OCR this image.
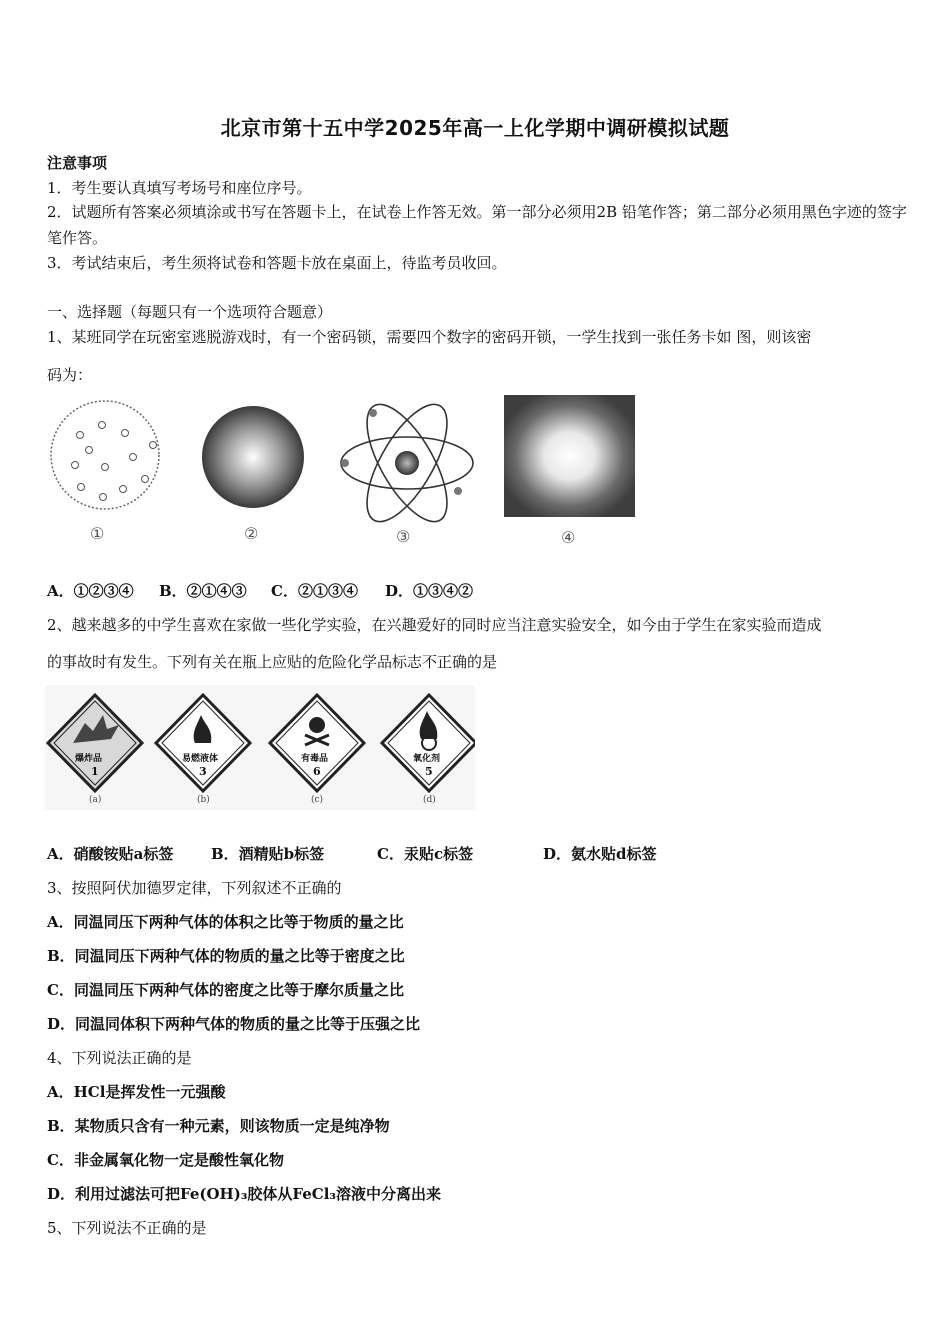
北京市第十五中学2025年高一上化学期中调研模拟试题
注意事项
1．考生要认真填写考场号和座位序号。
2．试题所有答案必须填涂或书写在答题卡上，在试卷上作答无效。第一部分必须用2B 铅笔作答；第二部分必须用黑色字迹的签字笔作答。
3．考试结束后，考生须将试卷和答题卡放在桌面上，待监考员收回。
一、选择题（每题只有一个选项符合题意）
1、某班同学在玩密室逃脱游戏时，有一个密码锁，需要四个数字的密码开锁，一学生找到一张任务卡如 图，则该密
码为：
①	②	③	④
A．①②③④ B．②①④③ C．②①③④ D．①③④②
2、越来越多的中学生喜欢在家做一些化学实验，在兴趣爱好的同时应当注意实验安全，如今由于学生在家实验而造成
的事故时有发生。下列有关在瓶上应贴的危险化学品标志不正确的是
爆炸品
1
(a)
易燃液体
3
(b)
有毒品
6
(c)
氧化剂
5
(d)
A．硝酸铵贴a标签	B．酒精贴b标签	C．汞贴c标签	D．氨水贴d标签
3、按照阿伏加德罗定律，下列叙述不正确的
A．同温同压下两种气体的体积之比等于物质的量之比
B．同温同压下两种气体的物质的量之比等于密度之比
C．同温同压下两种气体的密度之比等于摩尔质量之比
D．同温同体积下两种气体的物质的量之比等于压强之比
4、下列说法正确的是
A．HCl是挥发性一元强酸
B．某物质只含有一种元素，则该物质一定是纯净物
C．非金属氧化物一定是酸性氧化物
D．利用过滤法可把Fe(OH)₃胶体从FeCl₃溶液中分离出来
5、下列说法不正确的是
